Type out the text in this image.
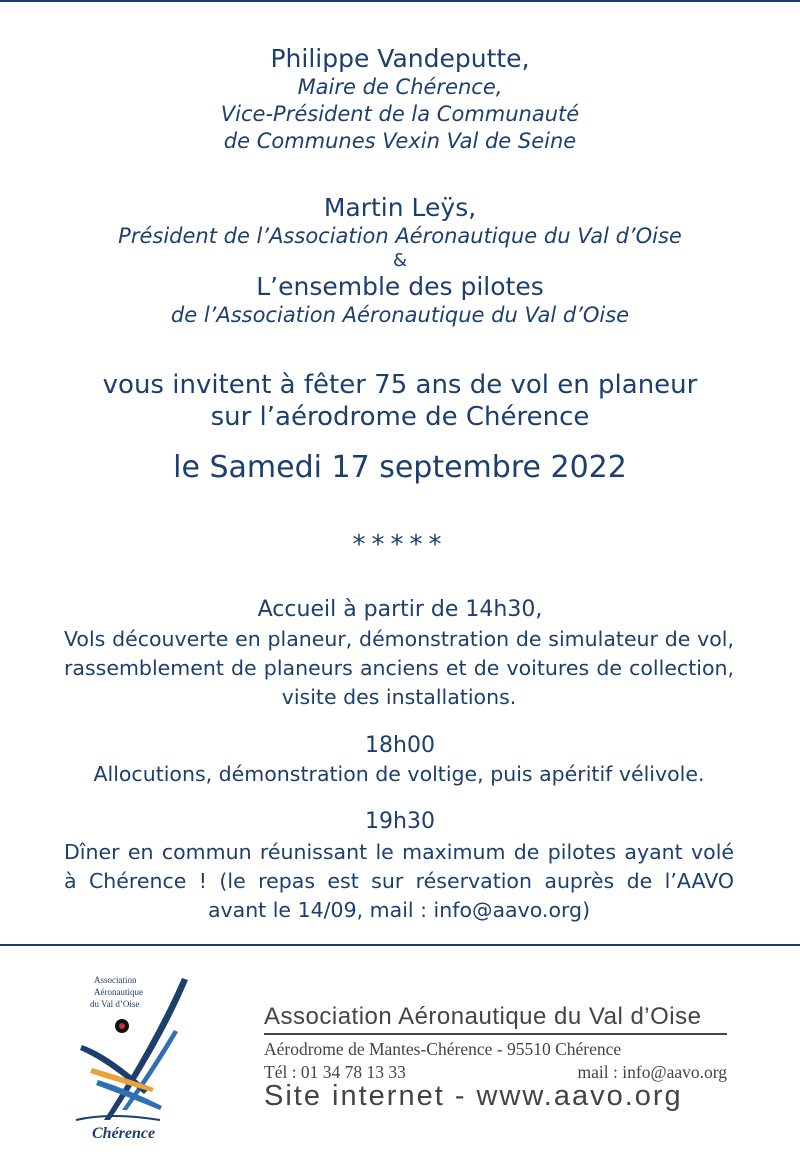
Philippe Vandeputte,
Maire de Chérence,
Vice-Président de la Communauté
de Communes Vexin Val de Seine
Martin Leÿs,
Président de l’Association Aéronautique du Val d’Oise
&
L’ensemble des pilotes
de l’Association Aéronautique du Val d’Oise
vous invitent à fêter 75 ans de vol en planeur
sur l’aérodrome de Chérence
le Samedi 17 septembre 2022
*****
Accueil à partir de 14h30,
Vols découverte en planeur, démonstration de simulateur de vol, rassemblement de planeurs anciens et de voitures de collection, visite des installations.
18h00
Allocutions, démonstration de voltige, puis apéritif vélivole.
19h30
Dîner en commun réunissant le maximum de pilotes ayant volé à Chérence ! (le repas est sur réservation auprès de l’AAVO avant le 14/09, mail : info@aavo.org)
Association
Aéronautique
du Val d’Oise
Chérence
Association Aéronautique du Val d’Oise
Aérodrome de Mantes-Chérence - 95510 Chérence
Tél : 01 34 78 13 33	mail : info@aavo.org
Site internet - www.aavo.org
